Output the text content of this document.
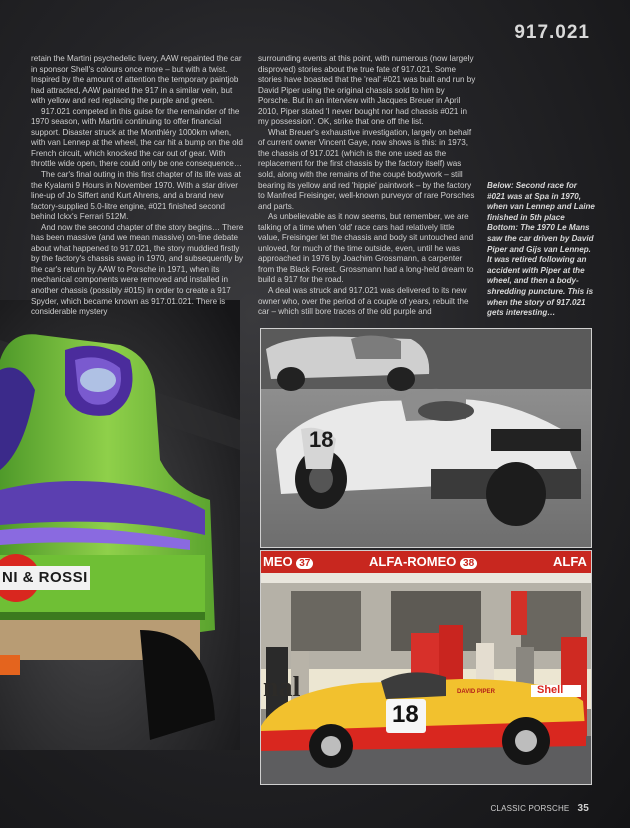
917.021
NI & ROSSI

retain the Martini psychedelic livery, AAW repainted the car in sponsor Shell's colours once more – but with a twist. Inspired by the amount of attention the temporary paintjob had attracted, AAW painted the 917 in a similar vein, but with yellow and red replacing the purple and green.

917.021 competed in this guise for the remainder of the 1970 season, with Martini continuing to offer financial support. Disaster struck at the Monthléry 1000km when, with van Lennep at the wheel, the car hit a bump on the old French circuit, which knocked the car out of gear. With throttle wide open, there could only be one consequence…

The car's final outing in this first chapter of its life was at the Kyalami 9 Hours in November 1970. With a star driver line-up of Jo Siffert and Kurt Ahrens, and a brand new factory-supplied 5.0-litre engine, #021 finished second behind Ickx's Ferrari 512M.

And now the second chapter of the story begins… There has been massive (and we mean massive) on-line debate about what happened to 917.021, the story muddied firstly by the factory's chassis swap in 1970, and subsequently by the car's return by AAW to Porsche in 1971, when its mechanical components were removed and installed in another chassis (possibly #015) in order to create a 917 Spyder, which became known as 917.01.021. There is considerable mystery

surrounding events at this point, with numerous (now largely disproved) stories about the true fate of 917.021. Some stories have boasted that the 'real' #021 was built and run by David Piper using the original chassis sold to him by Porsche. But in an interview with Jacques Breuer in April 2010, Piper stated 'I never bought nor had chassis #021 in my possession'. OK, strike that one off the list.

What Breuer's exhaustive investigation, largely on behalf of current owner Vincent Gaye, now shows is this: in 1973, the chassis of 917.021 (which is the one used as the replacement for the first chassis by the factory itself) was sold, along with the remains of the coupé bodywork – still bearing its yellow and red 'hippie' paintwork – by the factory to Manfred Freisinger, well-known purveyor of rare Porsches and parts.

As unbelievable as it now seems, but remember, we are talking of a time when 'old' race cars had relatively little value, Freisinger let the chassis and body sit untouched and unloved, for much of the time outside, even, until he was approached in 1976 by Joachim Grossmann, a carpenter from the Black Forest. Grossmann had a long-held dream to build a 917 for the road.

A deal was struck and 917.021 was delivered to its new owner who, over the period of a couple of years, rebuilt the car – which still bore traces of the old purple and

Below: Second race for #021 was at Spa in 1970, when van Lennep and Laine finished in 5th place Bottom: The 1970 Le Mans saw the car driven by David Piper and Gijs van Lennep. It was retired following an accident with Piper at the wheel, and then a body-shredding puncture. This is when the story of 917.021 gets interesting…

18
MEO 37	ALFA-ROMEO 38	ALFA
nal
18
DAVID PIPER	Shell
CLASSIC PORSCHE 35
